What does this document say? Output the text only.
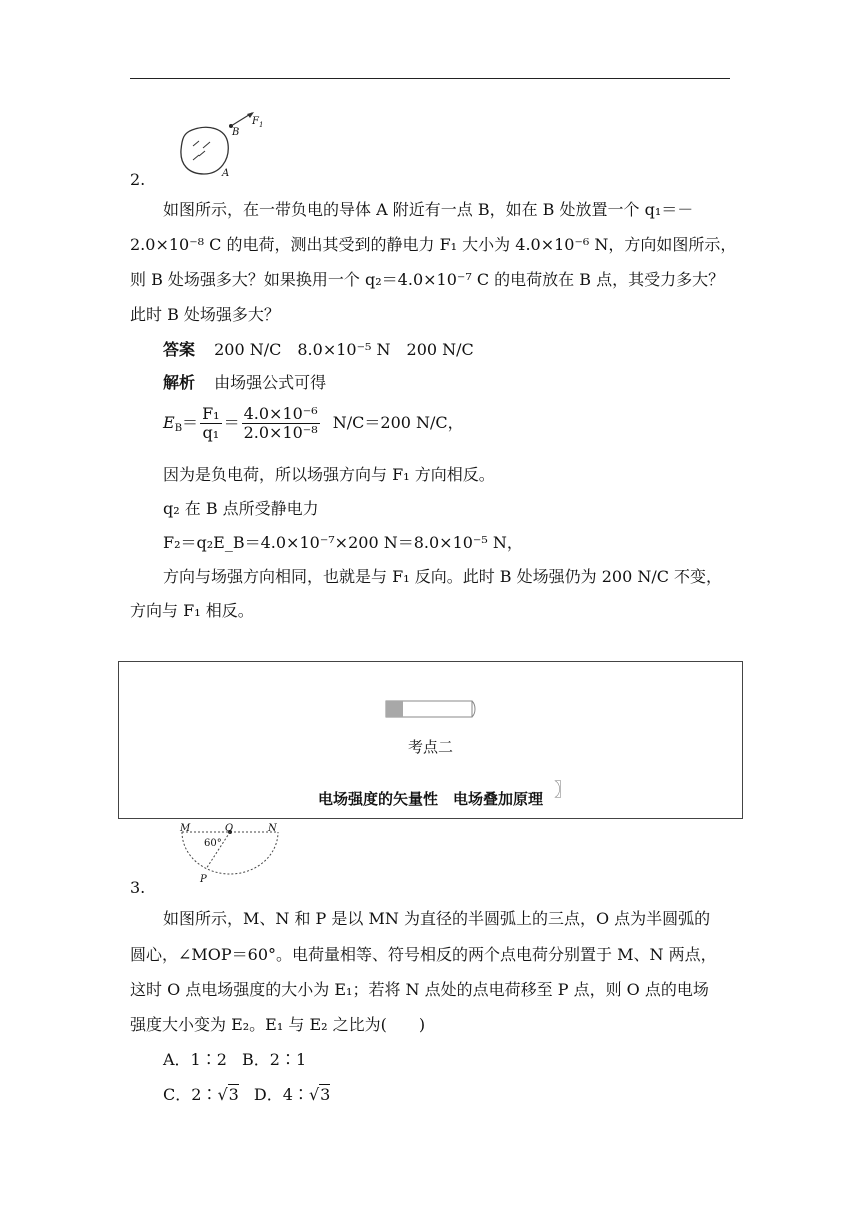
B
$F_1$
A
2.
如图所示，在一带负电的导体 A 附近有一点 B，如在 B 处放置一个 q₁＝－
2.0×10⁻⁸ C 的电荷，测出其受到的静电力 F₁ 大小为 4.0×10⁻⁶ N，方向如图所示，
则 B 处场强多大？如果换用一个 q₂＝4.0×10⁻⁷ C 的电荷放在 B 点，其受力多大？
此时 B 处场强多大？
答案 200 N/C　8.0×10⁻⁵ N　200 N/C
解析 由场强公式可得
$E_B= \frac{\text{F₁}}{\text{q₁}} = \frac{\text{4.0×10⁻⁶}}{\text{2.0×10⁻⁸}} N/C=200$ N/C，
因为是负电荷，所以场强方向与 F₁ 方向相反。
q₂ 在 B 点所受静电力
F₂＝q₂E_B＝4.0×10⁻⁷×200 N＝8.0×10⁻⁵ N，
方向与场强方向相同，也就是与 F₁ 反向。此时 B 处场强仍为 200 N/C 不变，
方向与 F₁ 相反。
考点二
电场强度的矢量性　电场叠加原理 〗
M	O	N
60°
P
3.
如图所示，M、N 和 P 是以 MN 为直径的半圆弧上的三点，O 点为半圆弧的
圆心，∠MOP＝60°。电荷量相等、符号相反的两个点电荷分别置于 M、N 两点，
这时 O 点电场强度的大小为 E₁；若将 N 点处的点电荷移至 P 点，则 O 点的电场
强度大小变为 E₂。E₁ 与 E₂ 之比为(　　)
A．1∶2 B．2∶1
C．2∶√3 D．4∶√3
